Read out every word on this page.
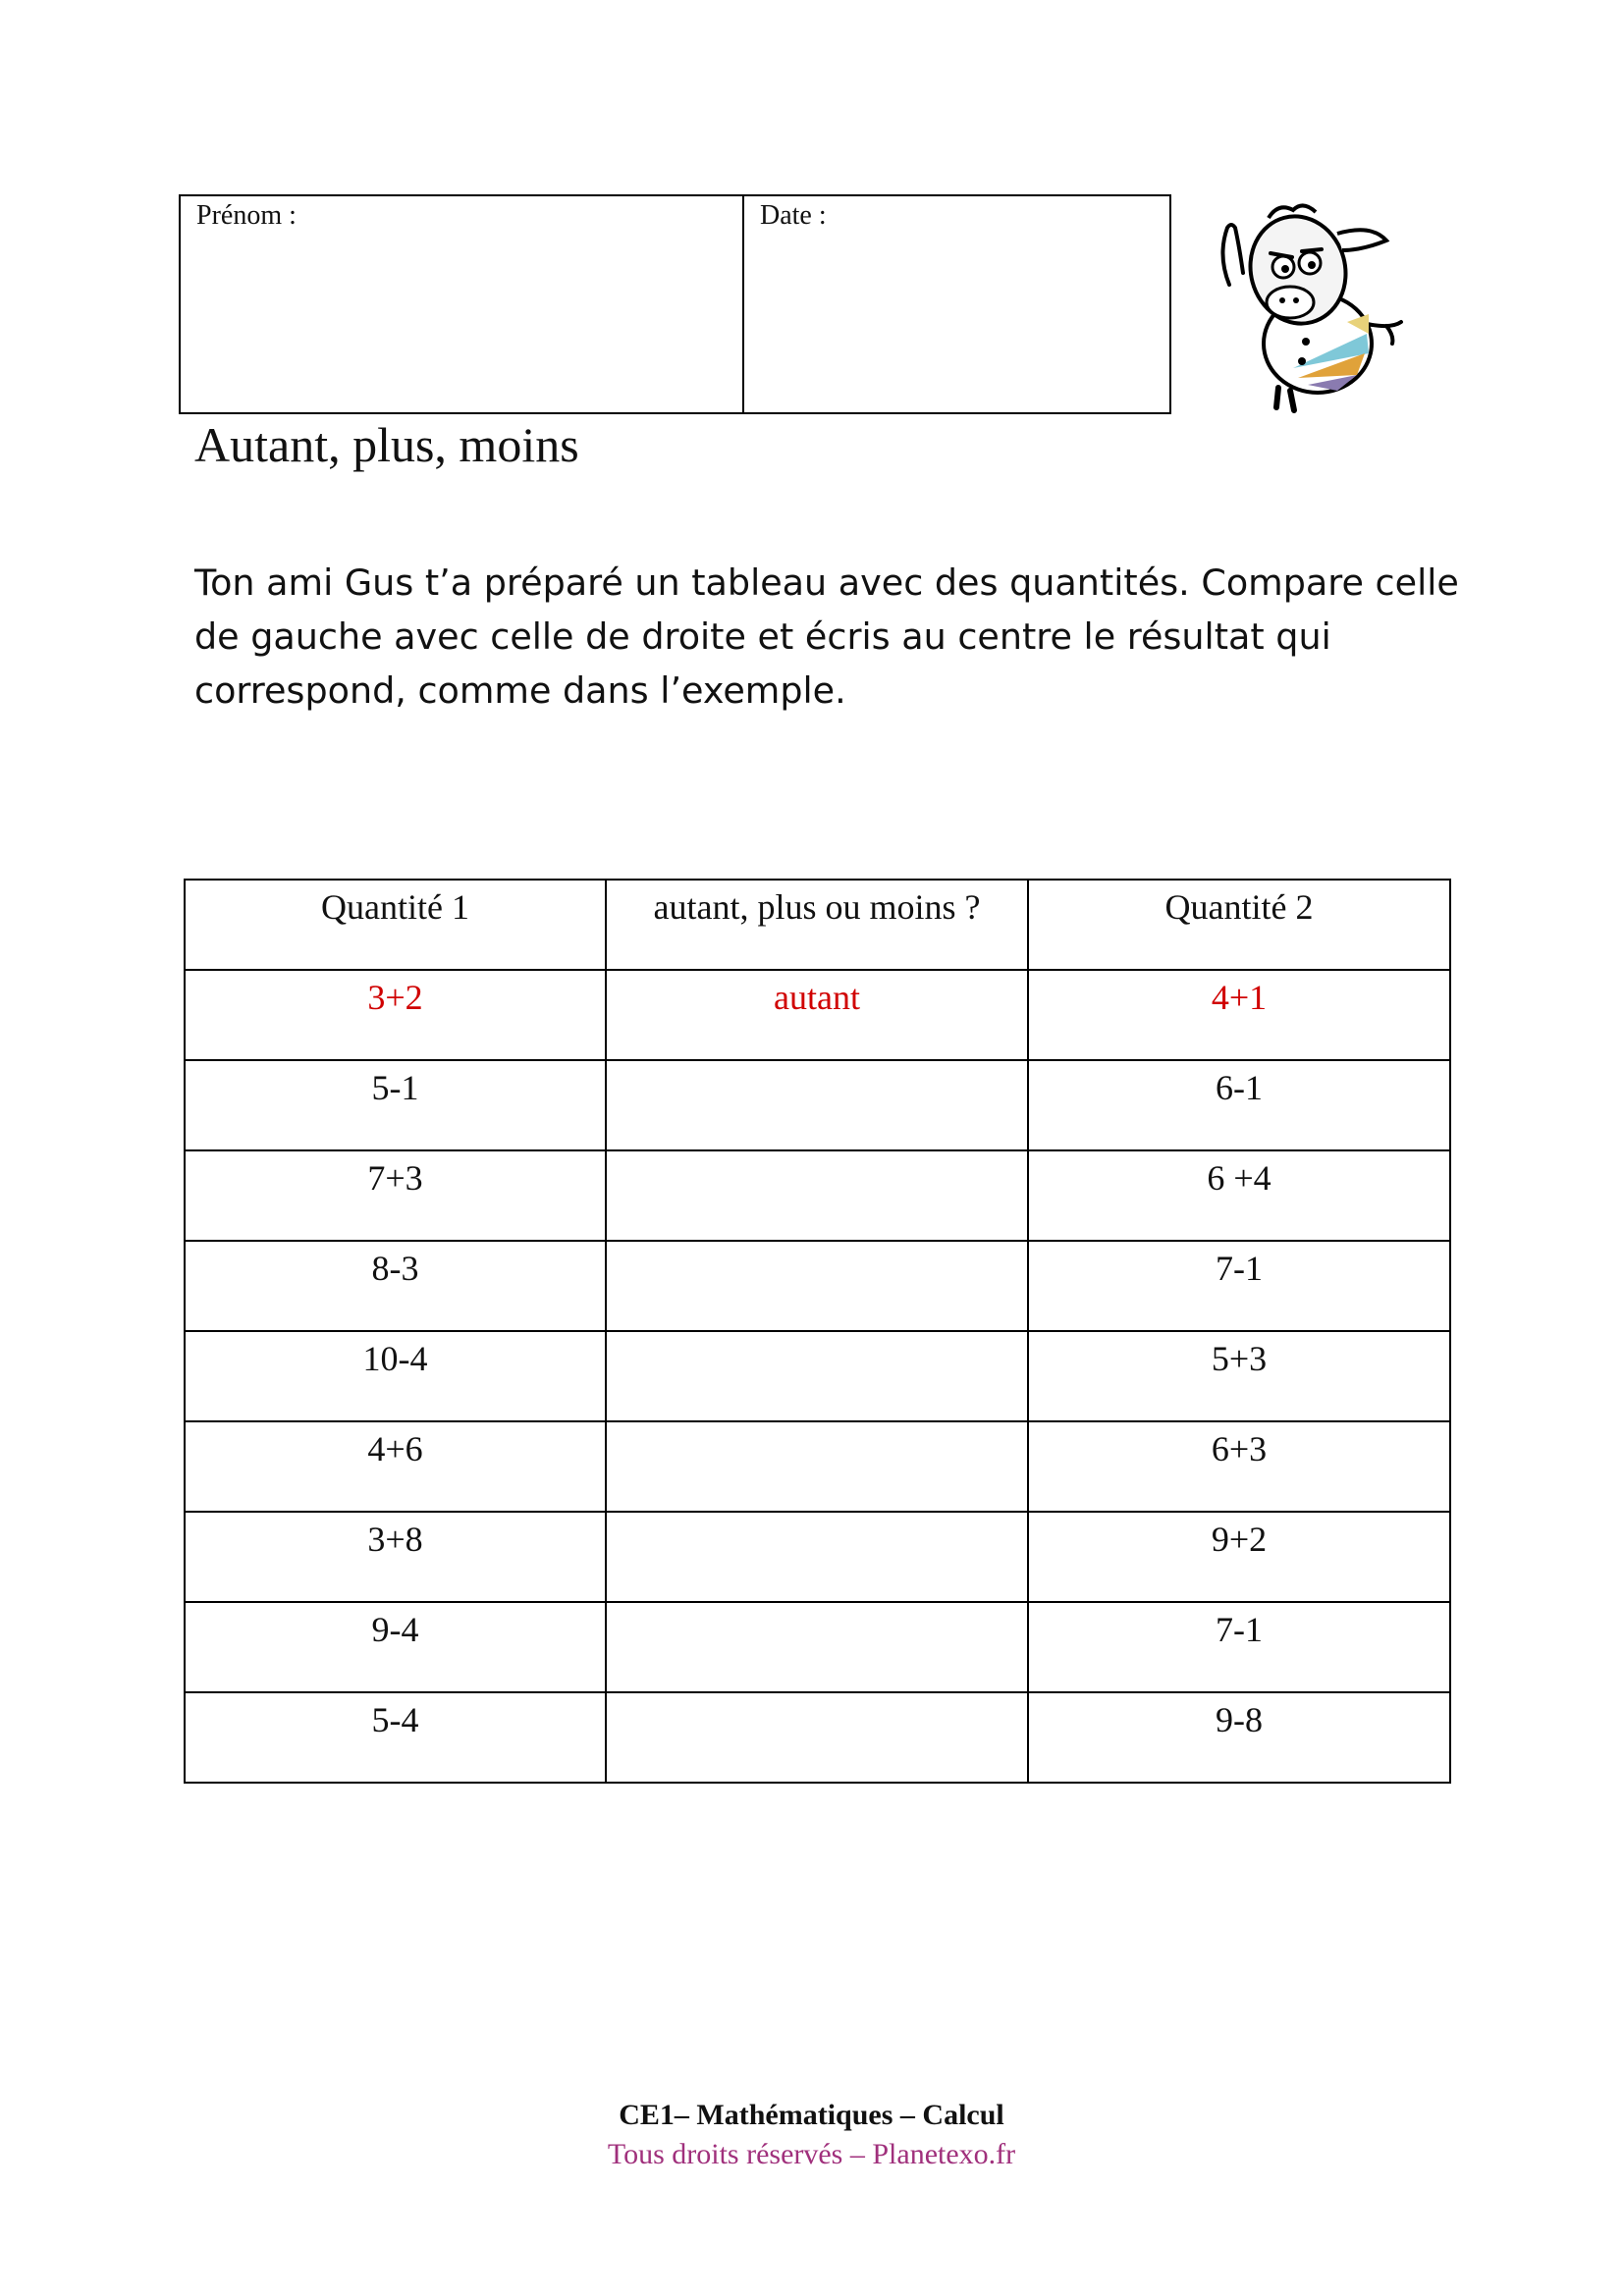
Prénom :	Date :
Autant, plus, moins

Ton ami Gus t’a préparé un tableau avec des quantités. Compare celle de gauche avec celle de droite et écris au centre le résultat qui correspond, comme dans l’exemple.

Quantité 1	autant, plus ou moins ?	Quantité 2
3+2	autant	4+1
5-1		6-1
7+3		6 +4
8-3		7-1
10-4		5+3
4+6		6+3
3+8		9+2
9-4		7-1
5-4		9-8
CE1– Mathématiques – Calcul
Tous droits réservés – Planetexo.fr
